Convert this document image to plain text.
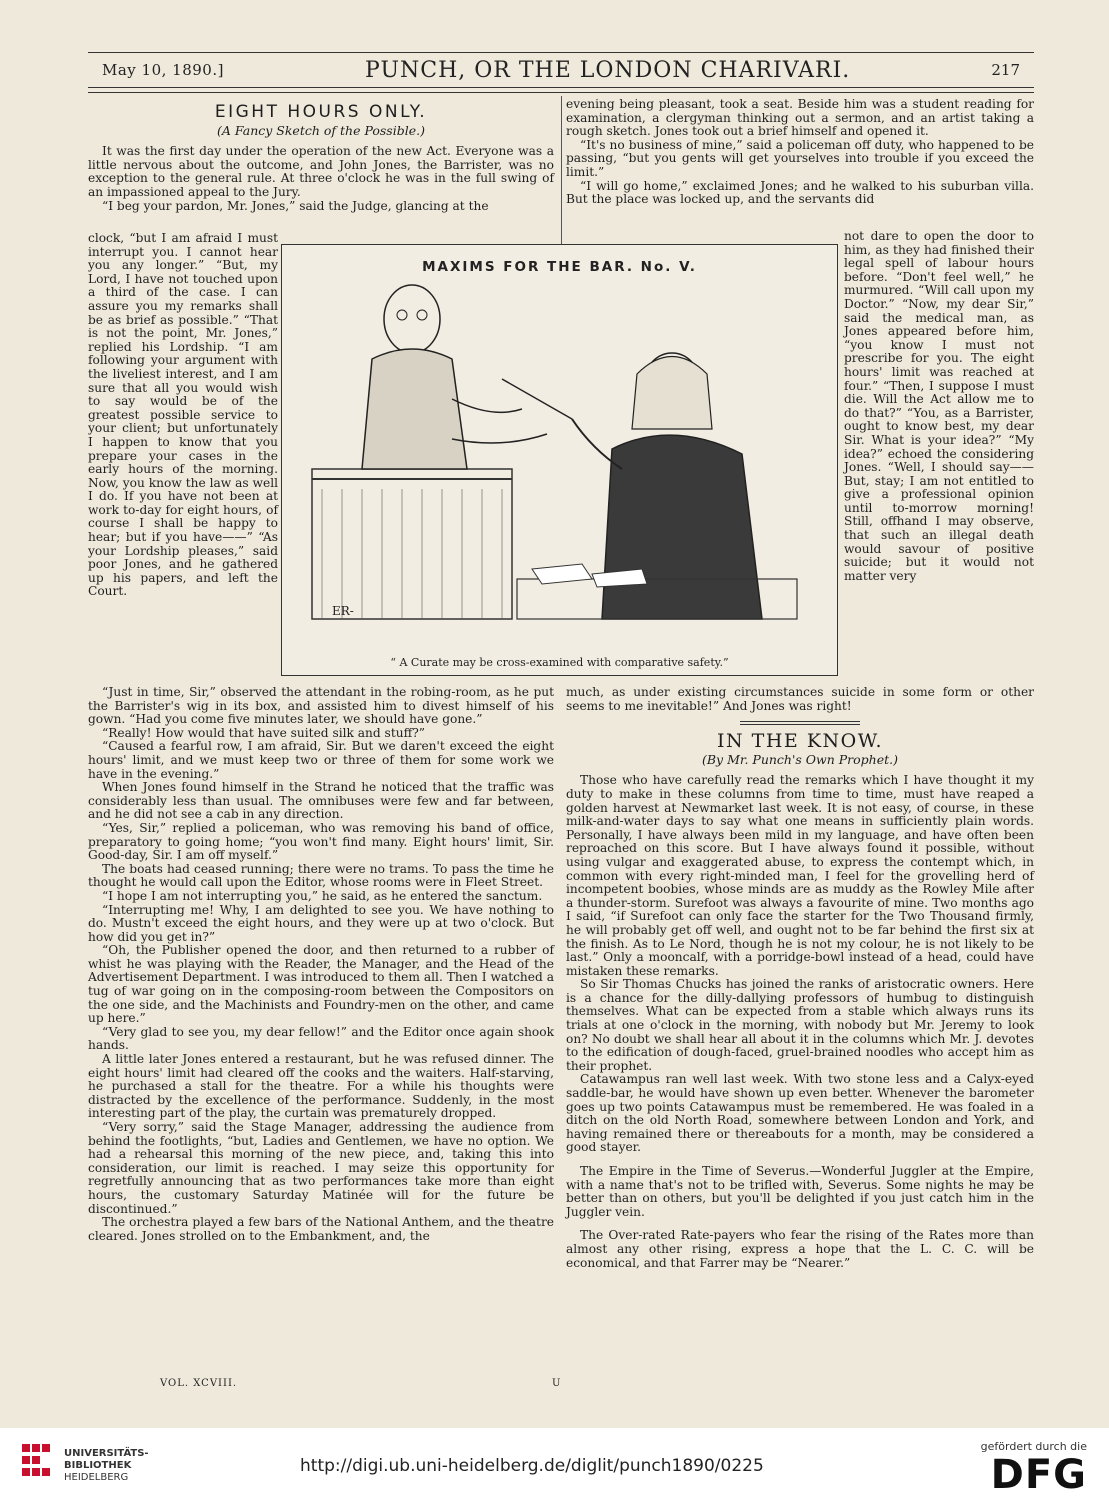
May 10, 1890.]	PUNCH, OR THE LONDON CHARIVARI.	217
EIGHT HOURS ONLY.
(A Fancy Sketch of the Possible.)

It was the first day under the operation of the new Act. Everyone was a little nervous about the outcome, and John Jones, the Barrister, was no exception to the general rule. At three o'clock he was in the full swing of an impassioned appeal to the Jury.

“I beg your pardon, Mr. Jones,” said the Judge, glancing at the

clock, “but I am afraid I must interrupt you. I cannot hear you any longer.” “But, my Lord, I have not touched upon a third of the case. I can assure you my remarks shall be as brief as possible.” “That is not the point, Mr. Jones,” replied his Lordship. “I am following your argument with the liveliest interest, and I am sure that all you would wish to say would be of the greatest possible service to your client; but unfortunately I happen to know that you prepare your cases in the early hours of the morning. Now, you know the law as well I do. If you have not been at work to-day for eight hours, of course I shall be happy to hear; but if you have——” “As your Lordship pleases,” said poor Jones, and he gathered up his papers, and left the Court.

MAXIMS FOR THE BAR. No. V.
ER-
“ A Curate may be cross-examined with comparative safety.”

“Just in time, Sir,” observed the attendant in the robing-room, as he put the Barrister's wig in its box, and assisted him to divest himself of his gown. “Had you come five minutes later, we should have gone.”

“Really! How would that have suited silk and stuff?”

“Caused a fearful row, I am afraid, Sir. But we daren't exceed the eight hours' limit, and we must keep two or three of them for some work we have in the evening.”

When Jones found himself in the Strand he noticed that the traffic was considerably less than usual. The omnibuses were few and far between, and he did not see a cab in any direction.

“Yes, Sir,” replied a policeman, who was removing his band of office, preparatory to going home; “you won't find many. Eight hours' limit, Sir. Good-day, Sir. I am off myself.”

The boats had ceased running; there were no trams. To pass the time he thought he would call upon the Editor, whose rooms were in Fleet Street.

“I hope I am not interrupting you,” he said, as he entered the sanctum.

“Interrupting me! Why, I am delighted to see you. We have nothing to do. Mustn't exceed the eight hours, and they were up at two o'clock. But how did you get in?”

“Oh, the Publisher opened the door, and then returned to a rubber of whist he was playing with the Reader, the Manager, and the Head of the Advertisement Department. I was introduced to them all. Then I watched a tug of war going on in the composing-room between the Compositors on the one side, and the Machinists and Foundry-men on the other, and came up here.”

“Very glad to see you, my dear fellow!” and the Editor once again shook hands.

A little later Jones entered a restaurant, but he was refused dinner. The eight hours' limit had cleared off the cooks and the waiters. Half-starving, he purchased a stall for the theatre. For a while his thoughts were distracted by the excellence of the performance. Suddenly, in the most interesting part of the play, the curtain was prematurely dropped.

“Very sorry,” said the Stage Manager, addressing the audience from behind the footlights, “but, Ladies and Gentlemen, we have no option. We had a rehearsal this morning of the new piece, and, taking this into consideration, our limit is reached. I may seize this opportunity for regretfully announcing that as two performances take more than eight hours, the customary Saturday Matinée will for the future be discontinued.”

The orchestra played a few bars of the National Anthem, and the theatre cleared. Jones strolled on to the Embankment, and, the

evening being pleasant, took a seat. Beside him was a student reading for examination, a clergyman thinking out a sermon, and an artist taking a rough sketch. Jones took out a brief himself and opened it.

“It's no business of mine,” said a policeman off duty, who happened to be passing, “but you gents will get yourselves into trouble if you exceed the limit.”

“I will go home,” exclaimed Jones; and he walked to his suburban villa. But the place was locked up, and the servants did

not dare to open the door to him, as they had finished their legal spell of labour hours before. “Don't feel well,” he murmured. “Will call upon my Doctor.” “Now, my dear Sir,” said the medical man, as Jones appeared before him, “you know I must not prescribe for you. The eight hours' limit was reached at four.” “Then, I suppose I must die. Will the Act allow me to do that?” “You, as a Barrister, ought to know best, my dear Sir. What is your idea?” “My idea?” echoed the considering Jones. “Well, I should say—— But, stay; I am not entitled to give a professional opinion until to-morrow morning! Still, offhand I may observe, that such an illegal death would savour of positive suicide; but it would not matter very

much, as under existing circumstances suicide in some form or other seems to me inevitable!” And Jones was right!

IN THE KNOW.
(By Mr. Punch's Own Prophet.)

Those who have carefully read the remarks which I have thought it my duty to make in these columns from time to time, must have reaped a golden harvest at Newmarket last week. It is not easy, of course, in these milk-and-water days to say what one means in sufficiently plain words. Personally, I have always been mild in my language, and have often been reproached on this score. But I have always found it possible, without using vulgar and exaggerated abuse, to express the contempt which, in common with every right-minded man, I feel for the grovelling herd of incompetent boobies, whose minds are as muddy as the Rowley Mile after a thunder-storm. Surefoot was always a favourite of mine. Two months ago I said, “if Surefoot can only face the starter for the Two Thousand firmly, he will probably get off well, and ought not to be far behind the first six at the finish. As to Le Nord, though he is not my colour, he is not likely to be last.” Only a mooncalf, with a porridge-bowl instead of a head, could have mistaken these remarks.

So Sir Thomas Chucks has joined the ranks of aristocratic owners. Here is a chance for the dilly-dallying professors of humbug to distinguish themselves. What can be expected from a stable which always runs its trials at one o'clock in the morning, with nobody but Mr. Jeremy to look on? No doubt we shall hear all about it in the columns which Mr. J. devotes to the edification of dough-faced, gruel-brained noodles who accept him as their prophet.

Catawampus ran well last week. With two stone less and a Calyx-eyed saddle-bar, he would have shown up even better. Whenever the barometer goes up two points Catawampus must be remembered. He was foaled in a ditch on the old North Road, somewhere between London and York, and having remained there or thereabouts for a month, may be considered a good stayer.

The Empire in the Time of Severus.—Wonderful Juggler at the Empire, with a name that's not to be trifled with, Severus. Some nights he may be better than on others, but you'll be delighted if you just catch him in the Juggler vein.

The Over-rated Rate-payers who fear the rising of the Rates more than almost any other rising, express a hope that the L. C. C. will be economical, and that Farrer may be “Nearer.”

VOL. XCVIII.	U
UNIVERSITÄTS-
BIBLIOTHEK
HEIDELBERG
http://digi.ub.uni-heidelberg.de/diglit/punch1890/0225
gefördert durch die
DFG
